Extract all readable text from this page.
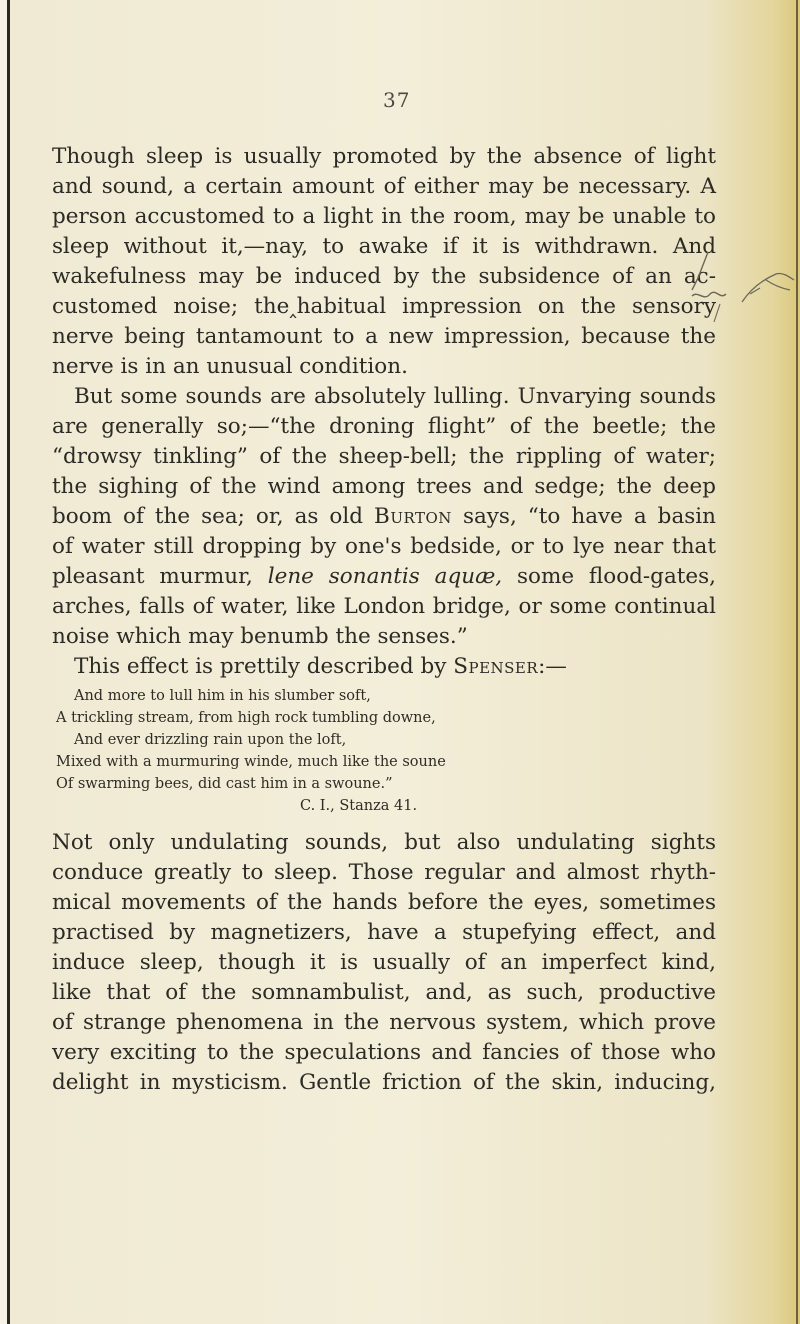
37
Though sleep is usually promoted by the absence of light
and sound, a certain amount of either may be necessary. A
person accustomed to a light in the room, may be unable to
sleep without it,—nay, to awake if it is withdrawn. And
wakefulness may be induced by the subsidence of an ac-
customed noise; the‸habitual impression on the sensory
nerve being tantamount to a new impression, because the
nerve is in an unusual condition.
But some sounds are absolutely lulling. Unvarying sounds
are generally so;—“the droning flight” of the beetle; the
“drowsy tinkling” of the sheep-bell; the rippling of water;
the sighing of the wind among trees and sedge; the deep
boom of the sea; or, as old Burton says, “to have a basin
of water still dropping by one's bedside, or to lye near that
pleasant murmur, lene sonantis aquæ, some flood-gates,
arches, falls of water, like London bridge, or some continual
noise which may benumb the senses.”
This effect is prettily described by Spenser:—
And more to lull him in his slumber soft,
A trickling stream, from high rock tumbling downe,
And ever drizzling rain upon the loft,
Mixed with a murmuring winde, much like the soune
Of swarming bees, did cast him in a swoune.”
C. I., Stanza 41.
Not only undulating sounds, but also undulating sights
conduce greatly to sleep. Those regular and almost rhyth-
mical movements of the hands before the eyes, sometimes
practised by magnetizers, have a stupefying effect, and
induce sleep, though it is usually of an imperfect kind,
like that of the somnambulist, and, as such, productive
of strange phenomena in the nervous system, which prove
very exciting to the speculations and fancies of those who
delight in mysticism. Gentle friction of the skin, inducing,
